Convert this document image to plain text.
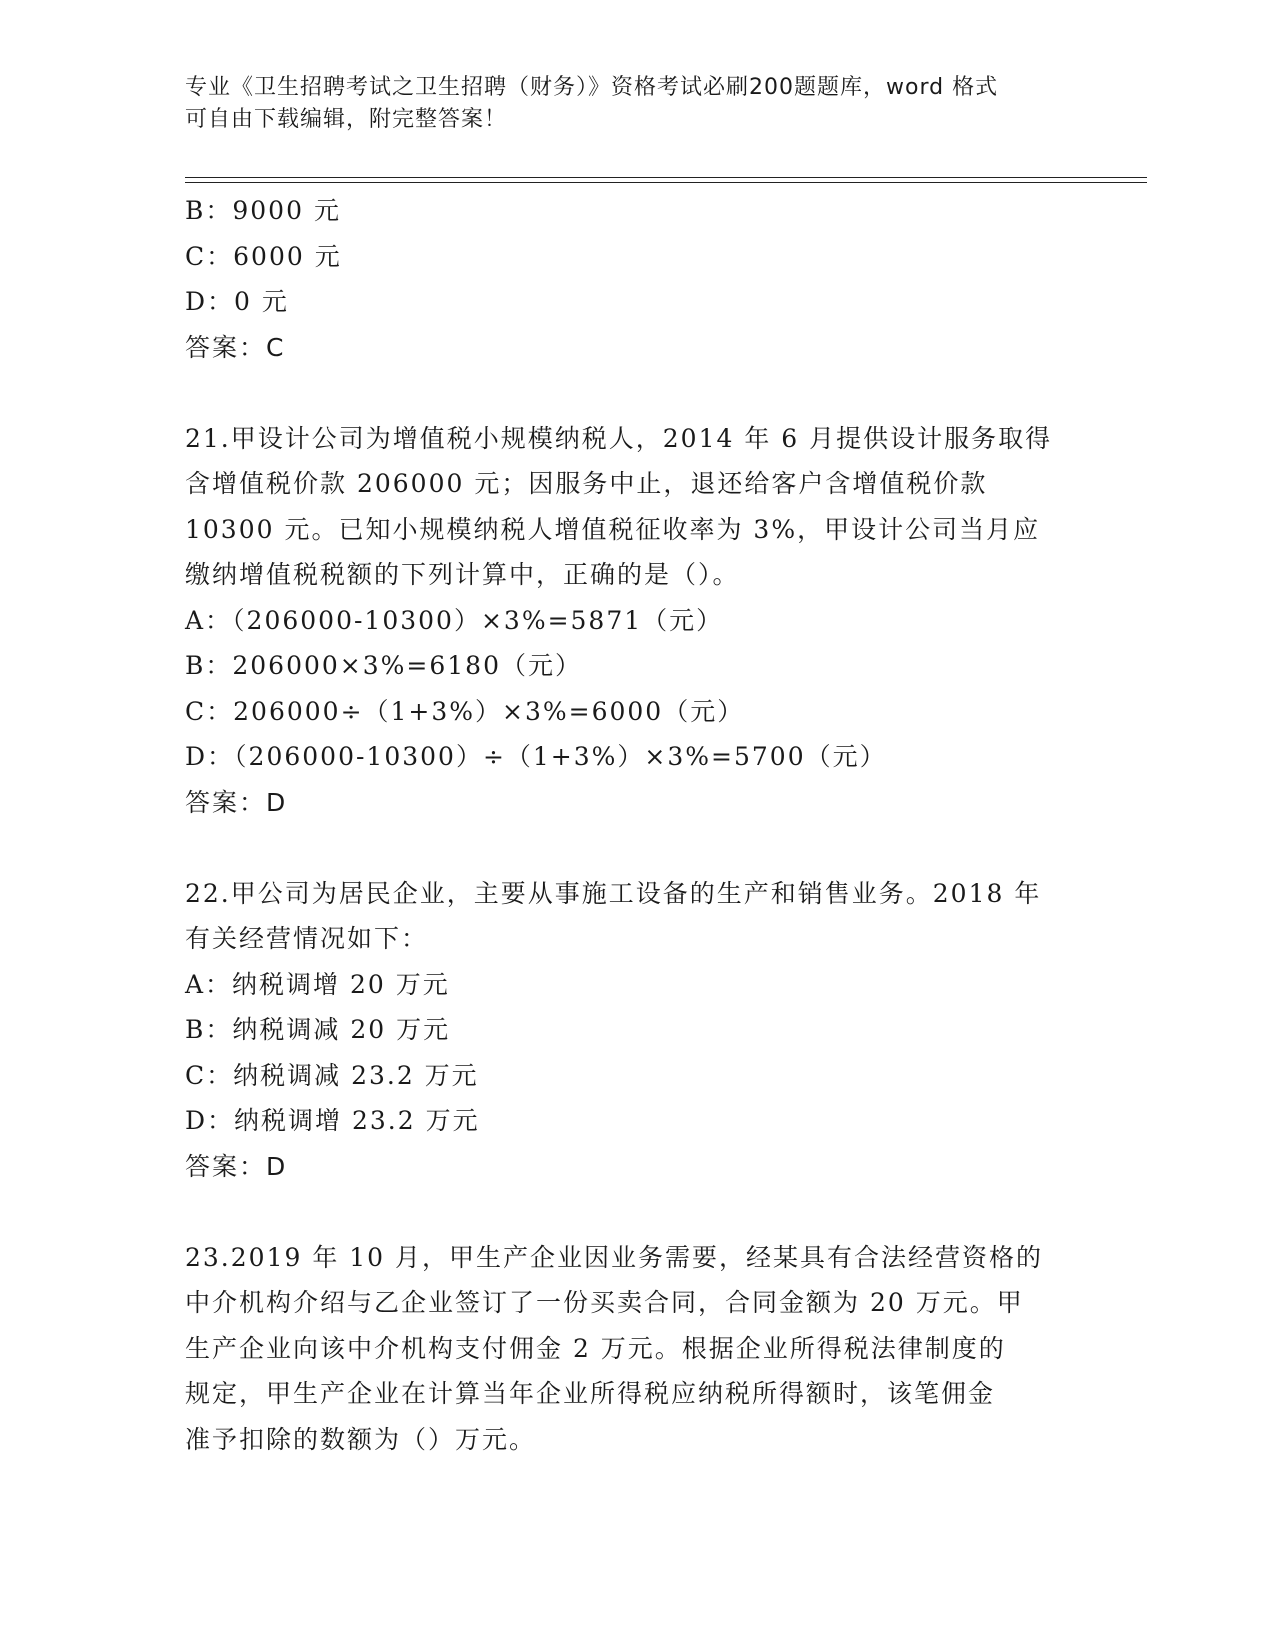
专业《卫生招聘考试之卫生招聘（财务）》资格考试必刷200题题库，word 格式
可自由下载编辑，附完整答案！
B：9000 元
C：6000 元
D：0 元
答案：C
21.甲设计公司为增值税小规模纳税人，2014 年 6 月提供设计服务取得
含增值税价款 206000 元；因服务中止，退还给客户含增值税价款
10300 元。已知小规模纳税人增值税征收率为 3%，甲设计公司当月应
缴纳增值税税额的下列计算中，正确的是（）。
A：（206000-10300）×3%=5871（元）
B：206000×3%=6180（元）
C：206000÷（1+3%）×3%=6000（元）
D：（206000-10300）÷（1+3%）×3%=5700（元）
答案：D
22.甲公司为居民企业，主要从事施工设备的生产和销售业务。2018 年
有关经营情况如下：
A：纳税调增 20 万元
B：纳税调减 20 万元
C：纳税调减 23.2 万元
D：纳税调增 23.2 万元
答案：D
23.2019 年 10 月，甲生产企业因业务需要，经某具有合法经营资格的
中介机构介绍与乙企业签订了一份买卖合同，合同金额为 20 万元。甲
生产企业向该中介机构支付佣金 2 万元。根据企业所得税法律制度的
规定，甲生产企业在计算当年企业所得税应纳税所得额时，该笔佣金
准予扣除的数额为（）万元。
